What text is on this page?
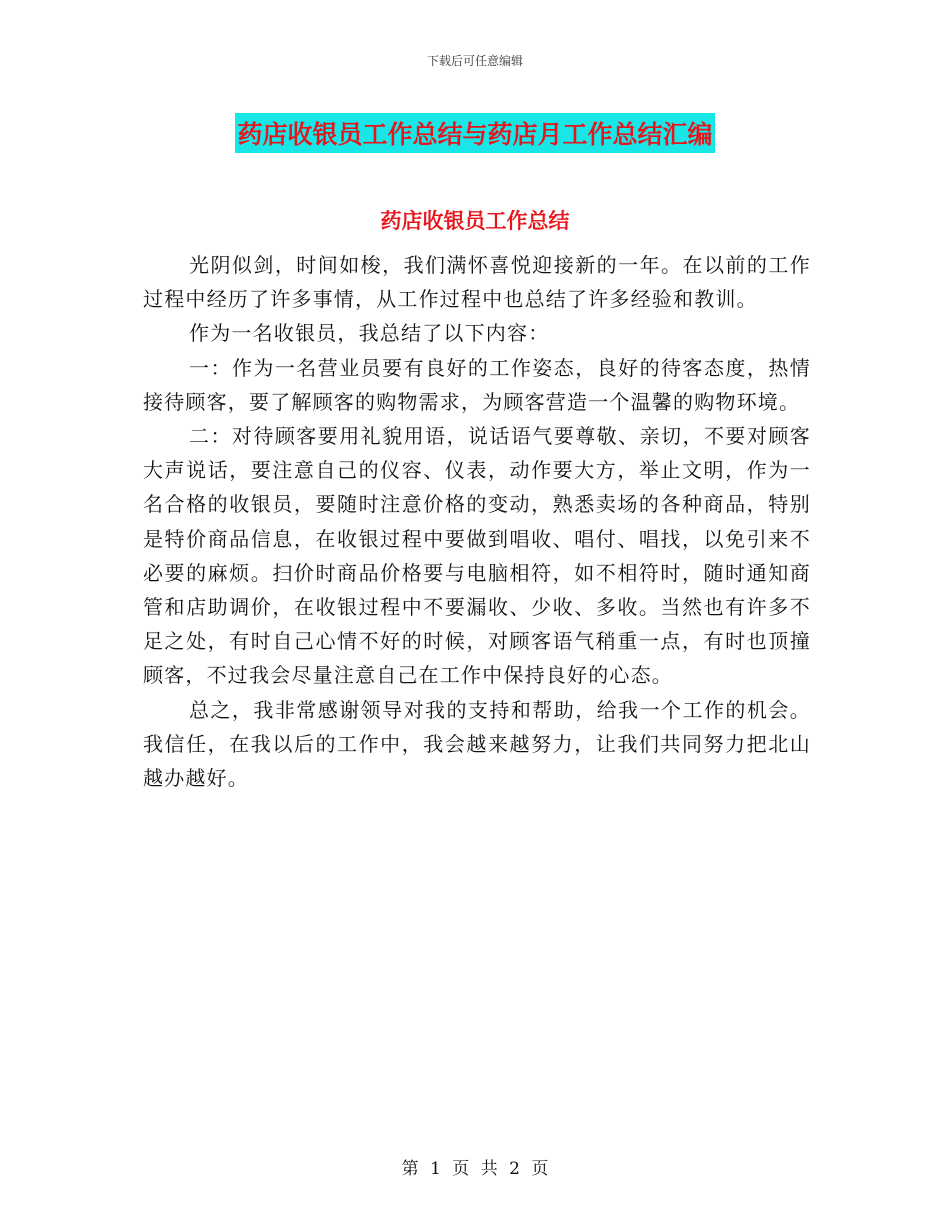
下载后可任意编辑
药店收银员工作总结与药店月工作总结汇编
药店收银员工作总结

光阴似剑，时间如梭，我们满怀喜悦迎接新的一年。在以前的工作过程中经历了许多事情，从工作过程中也总结了许多经验和教训。

作为一名收银员，我总结了以下内容：

一：作为一名营业员要有良好的工作姿态，良好的待客态度，热情接待顾客，要了解顾客的购物需求，为顾客营造一个温馨的购物环境。

二：对待顾客要用礼貌用语，说话语气要尊敬、亲切，不要对顾客大声说话，要注意自己的仪容、仪表，动作要大方，举止文明，作为一名合格的收银员，要随时注意价格的变动，熟悉卖场的各种商品，特别是特价商品信息，在收银过程中要做到唱收、唱付、唱找，以免引来不必要的麻烦。扫价时商品价格要与电脑相符，如不相符时，随时通知商管和店助调价，在收银过程中不要漏收、少收、多收。当然也有许多不足之处，有时自己心情不好的时候，对顾客语气稍重一点，有时也顶撞顾客，不过我会尽量注意自己在工作中保持良好的心态。

总之，我非常感谢领导对我的支持和帮助，给我一个工作的机会。我信任，在我以后的工作中，我会越来越努力，让我们共同努力把北山越办越好。

第 1 页 共 2 页
